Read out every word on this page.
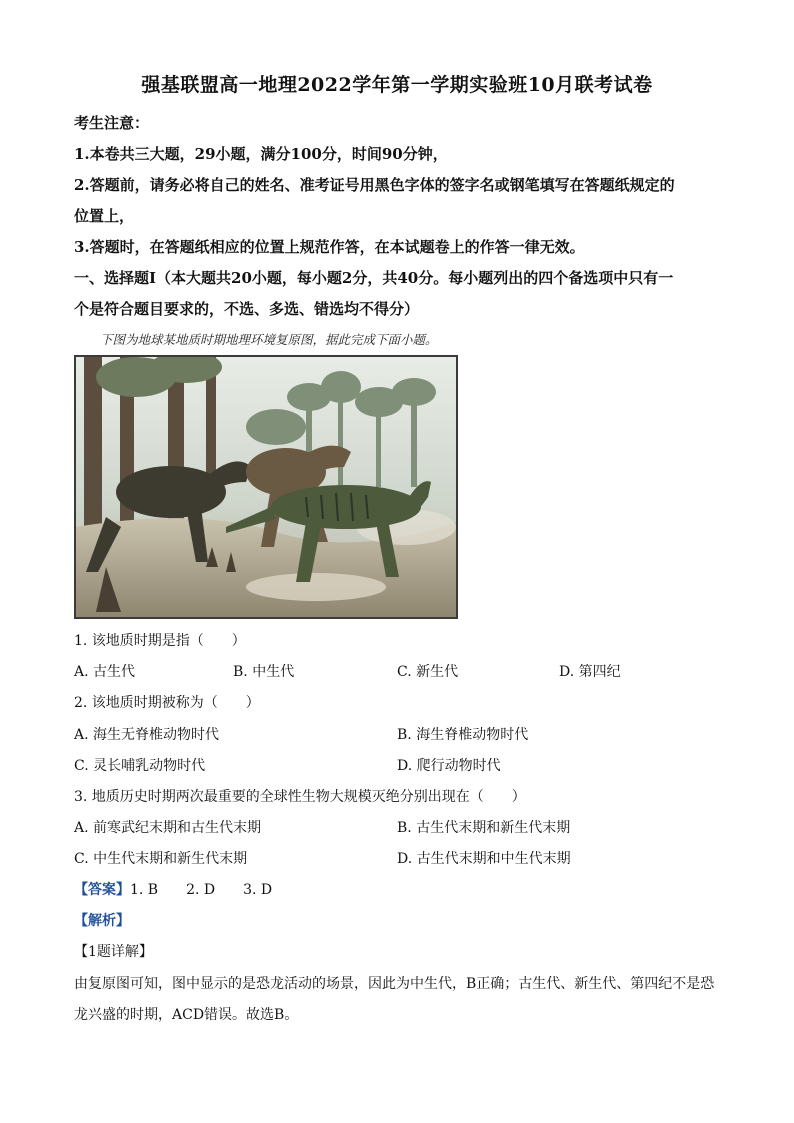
强基联盟高一地理2022学年第一学期实验班10月联考试卷
考生注意：
1.本卷共三大题，29小题，满分100分，时间90分钟，
2.答题前，请务必将自己的姓名、准考证号用黑色字体的签字名或钢笔填写在答题纸规定的
位置上，
3.答题时，在答题纸相应的位置上规范作答，在本试题卷上的作答一律无效。
一、选择题Ⅰ（本大题共20小题，每小题2分，共40分。每小题列出的四个备选项中只有一
个是符合题目要求的，不选、多选、错选均不得分）
下图为地球某地质时期地理环境复原图，据此完成下面小题。
1. 该地质时期是指（　　）
A. 古生代	B. 中生代	C. 新生代	D. 第四纪
2. 该地质时期被称为（　　）
A. 海生无脊椎动物时代	B. 海生脊椎动物时代
C. 灵长哺乳动物时代	D. 爬行动物时代
3. 地质历史时期两次最重要的全球性生物大规模灭绝分别出现在（　　）
A. 前寒武纪末期和古生代末期	B. 古生代末期和新生代末期
C. 中生代末期和新生代末期	D. 古生代末期和中生代末期
【答案】1. B　　2. D　　3. D
【解析】
【1题详解】
由复原图可知，图中显示的是恐龙活动的场景，因此为中生代，B正确；古生代、新生代、第四纪不是恐
龙兴盛的时期，ACD错误。故选B。
